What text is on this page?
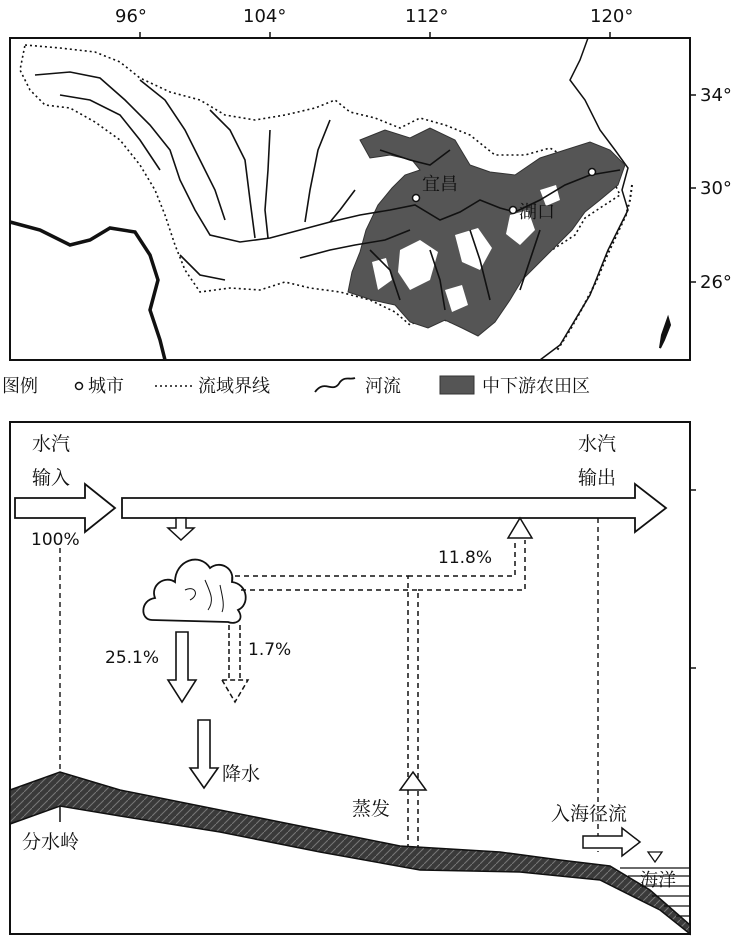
96°	104°	112°	120°
34°
30°
26°
宜昌
湖口
图例	城市	流域界线	河流	中下游农田区
水汽
输入
100%
水汽
输出
11.8%
25.1%	1.7%
降水
蒸发
分水岭
海洋
入海径流
